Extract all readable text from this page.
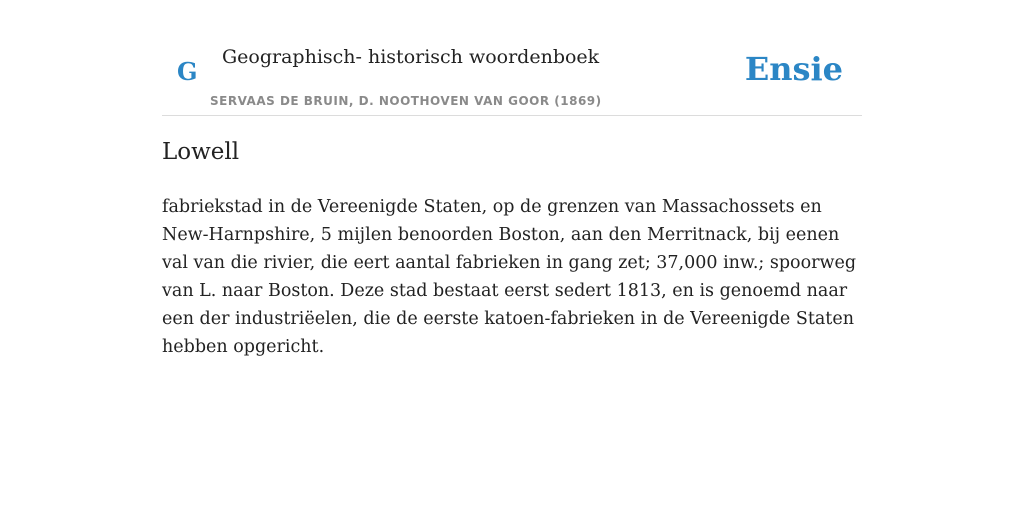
G Geographisch- historisch woordenboek
SERVAAS DE BRUIN, D. NOOTHOVEN VAN GOOR (1869)
Ensie
Lowell

fabriekstad in de Vereenigde Staten, op de grenzen van Massachossets en New-Harnpshire, 5 mijlen benoorden Boston, aan den Merritnack, bij eenen val van die rivier, die eert aantal fabrieken in gang zet; 37,000 inw.; spoorweg van L. naar Boston. Deze stad bestaat eerst sedert 1813, en is genoemd naar een der industriëelen, die de eerste katoen-fabrieken in de Vereenigde Staten hebben opgericht.
